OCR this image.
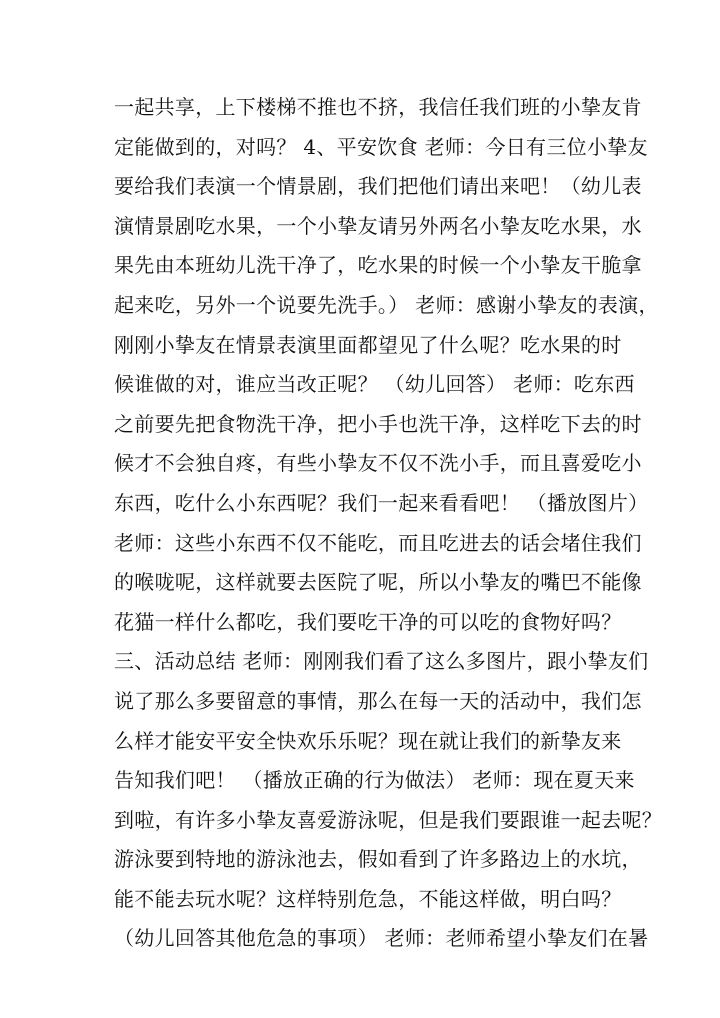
一起共享，上下楼梯不推也不挤，我信任我们班的小挚友肯
定能做到的，对吗？ 4、平安饮食 老师：今日有三位小挚友
要给我们表演一个情景剧，我们把他们请出来吧！（幼儿表
演情景剧吃水果，一个小挚友请另外两名小挚友吃水果，水
果先由本班幼儿洗干净了，吃水果的时候一个小挚友干脆拿
起来吃，另外一个说要先洗手。） 老师：感谢小挚友的表演，
刚刚小挚友在情景表演里面都望见了什么呢？吃水果的时
候谁做的对，谁应当改正呢？ （幼儿回答） 老师：吃东西
之前要先把食物洗干净，把小手也洗干净，这样吃下去的时
候才不会独自疼，有些小挚友不仅不洗小手，而且喜爱吃小
东西，吃什么小东西呢？我们一起来看看吧！ （播放图片）
老师：这些小东西不仅不能吃，而且吃进去的话会堵住我们
的喉咙呢，这样就要去医院了呢，所以小挚友的嘴巴不能像
花猫一样什么都吃，我们要吃干净的可以吃的食物好吗？
三、活动总结 老师：刚刚我们看了这么多图片，跟小挚友们
说了那么多要留意的事情，那么在每一天的活动中，我们怎
么样才能安平安全快欢乐乐呢？现在就让我们的新挚友来
告知我们吧！ （播放正确的行为做法） 老师：现在夏天来
到啦，有许多小挚友喜爱游泳呢，但是我们要跟谁一起去呢？
游泳要到特地的游泳池去，假如看到了许多路边上的水坑，
能不能去玩水呢？这样特别危急，不能这样做，明白吗？
（幼儿回答其他危急的事项） 老师：老师希望小挚友们在暑
